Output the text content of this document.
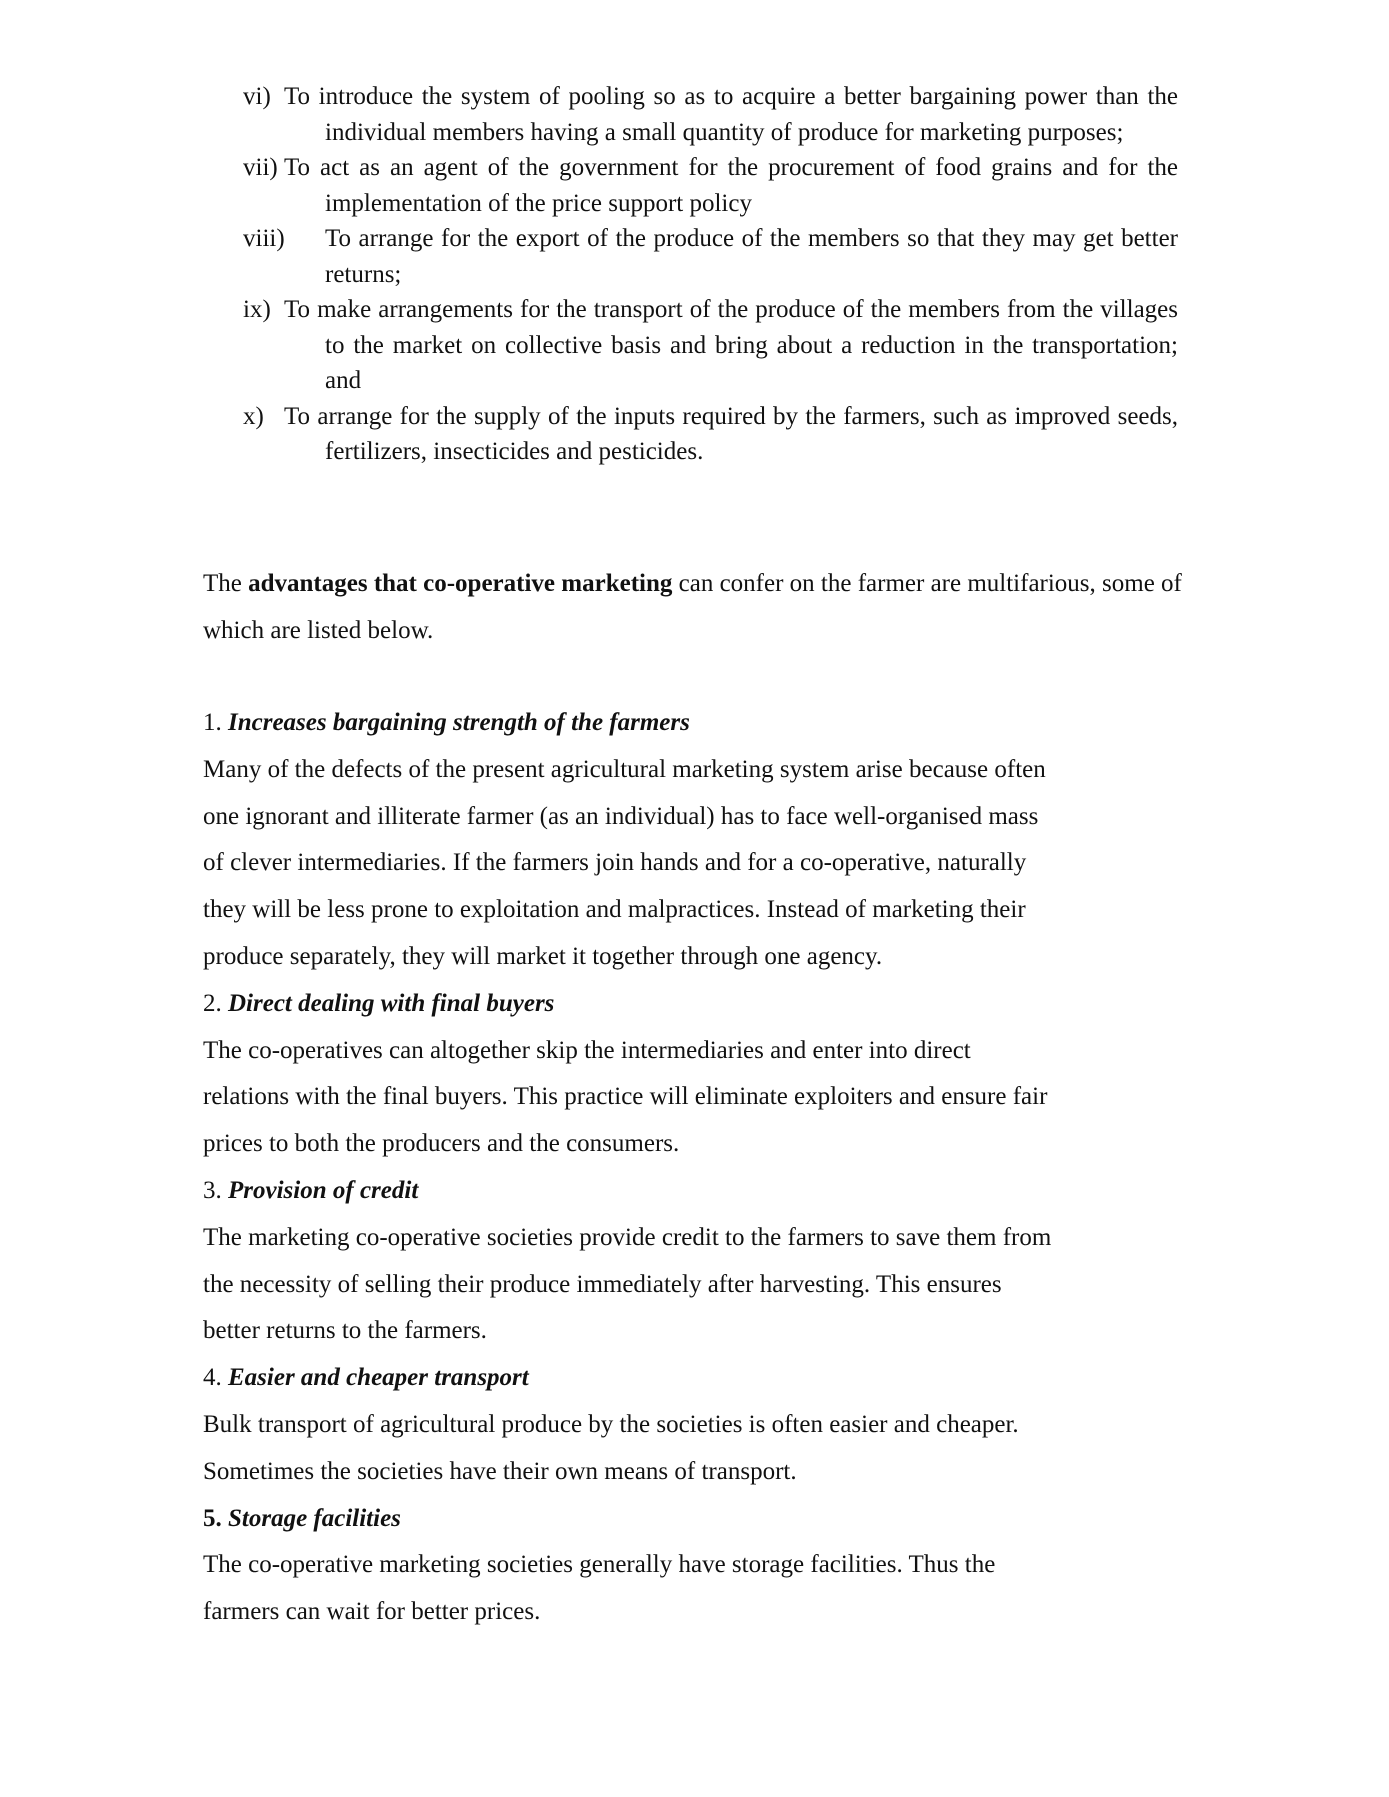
vi) To introduce the system of pooling so as to acquire a better bargaining power than the individual members having a small quantity of produce for marketing purposes;
vii) To act as an agent of the government for the procurement of food grains and for the implementation of the price support policy
viii) To arrange for the export of the produce of the members so that they may get better returns;
ix) To make arrangements for the transport of the produce of the members from the villages to the market on collective basis and bring about a reduction in the transportation; and
x) To arrange for the supply of the inputs required by the farmers, such as improved seeds, fertilizers, insecticides and pesticides.

The advantages that co-operative marketing can confer on the farmer are multifarious, some of which are listed below.

1. Increases bargaining strength of the farmers

Many of the defects of the present agricultural marketing system arise because often one ignorant and illiterate farmer (as an individual) has to face well-organised mass of clever intermediaries. If the farmers join hands and for a co-operative, naturally they will be less prone to exploitation and malpractices. Instead of marketing their produce separately, they will market it together through one agency.

2. Direct dealing with final buyers

The co-operatives can altogether skip the intermediaries and enter into direct relations with the final buyers. This practice will eliminate exploiters and ensure fair prices to both the producers and the consumers.

3. Provision of credit

The marketing co-operative societies provide credit to the farmers to save them from the necessity of selling their produce immediately after harvesting. This ensures better returns to the farmers.

4. Easier and cheaper transport

Bulk transport of agricultural produce by the societies is often easier and cheaper. Sometimes the societies have their own means of transport.

5. Storage facilities

The co-operative marketing societies generally have storage facilities. Thus the farmers can wait for better prices.
